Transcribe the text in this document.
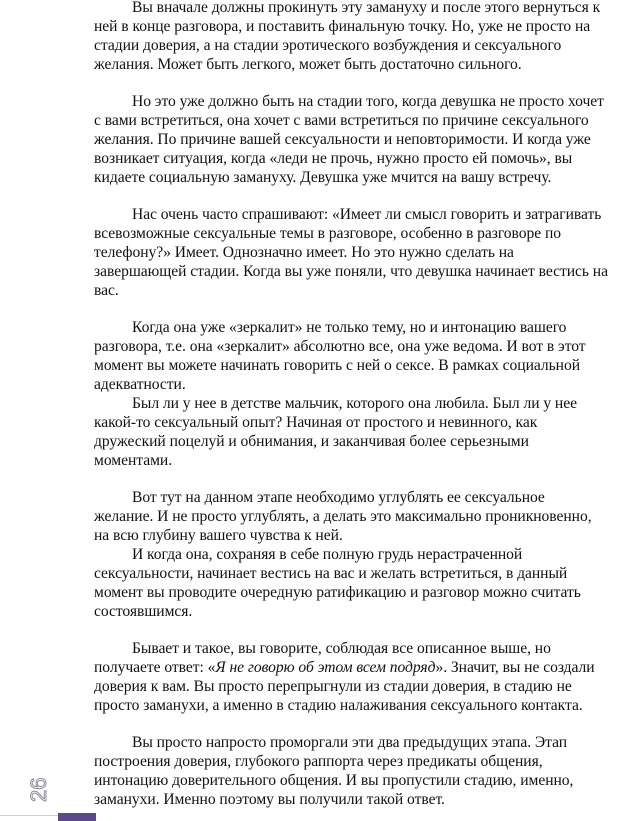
Вы вначале должны прокинуть эту замануху и после этого вернуться к
ней в конце разговора, и поставить финальную точку. Но, уже не просто на
стадии доверия, а на стадии эротического возбуждения и сексуального
желания. Может быть легкого, может быть достаточно сильного.
Но это уже должно быть на стадии того, когда девушка не просто хочет
с вами встретиться, она хочет с вами встретиться по причине сексуального
желания. По причине вашей сексуальности и неповторимости. И когда уже
возникает ситуация, когда «леди не прочь, нужно просто ей помочь», вы
кидаете социальную замануху. Девушка уже мчится на вашу встречу.
Нас очень часто спрашивают: «Имеет ли смысл говорить и затрагивать
всевозможные сексуальные темы в разговоре, особенно в разговоре по
телефону?» Имеет. Однозначно имеет. Но это нужно сделать на
завершающей стадии. Когда вы уже поняли, что девушка начинает вестись на
вас.
Когда она уже «зеркалит» не только тему, но и интонацию вашего
разговора, т.е. она «зеркалит» абсолютно все, она уже ведома. И вот в этот
момент вы можете начинать говорить с ней о сексе. В рамках социальной
адекватности.
Был ли у нее в детстве мальчик, которого она любила. Был ли у нее
какой-то сексуальный опыт? Начиная от простого и невинного, как
дружеский поцелуй и обнимания, и заканчивая более серьезными
моментами.
Вот тут на данном этапе необходимо углублять ее сексуальное
желание. И не просто углублять, а делать это максимально проникновенно,
на всю глубину вашего чувства к ней.
И когда она, сохраняя в себе полную грудь нерастраченной
сексуальности, начинает вестись на вас и желать встретиться, в данный
момент вы проводите очередную ратификацию и разговор можно считать
состоявшимся.
Бывает и такое, вы говорите, соблюдая все описанное выше, но
получаете ответ: «Я не говорю об этом всем подряд». Значит, вы не создали
доверия к вам. Вы просто перепрыгнули из стадии доверия, в стадию не
просто заманухи, а именно в стадию налаживания сексуального контакта.
Вы просто напросто проморгали эти два предыдущих этапа. Этап
построения доверия, глубокого раппорта через предикаты общения,
интонацию доверительного общения. И вы пропустили стадию, именно,
заманухи. Именно поэтому вы получили такой ответ.
26
